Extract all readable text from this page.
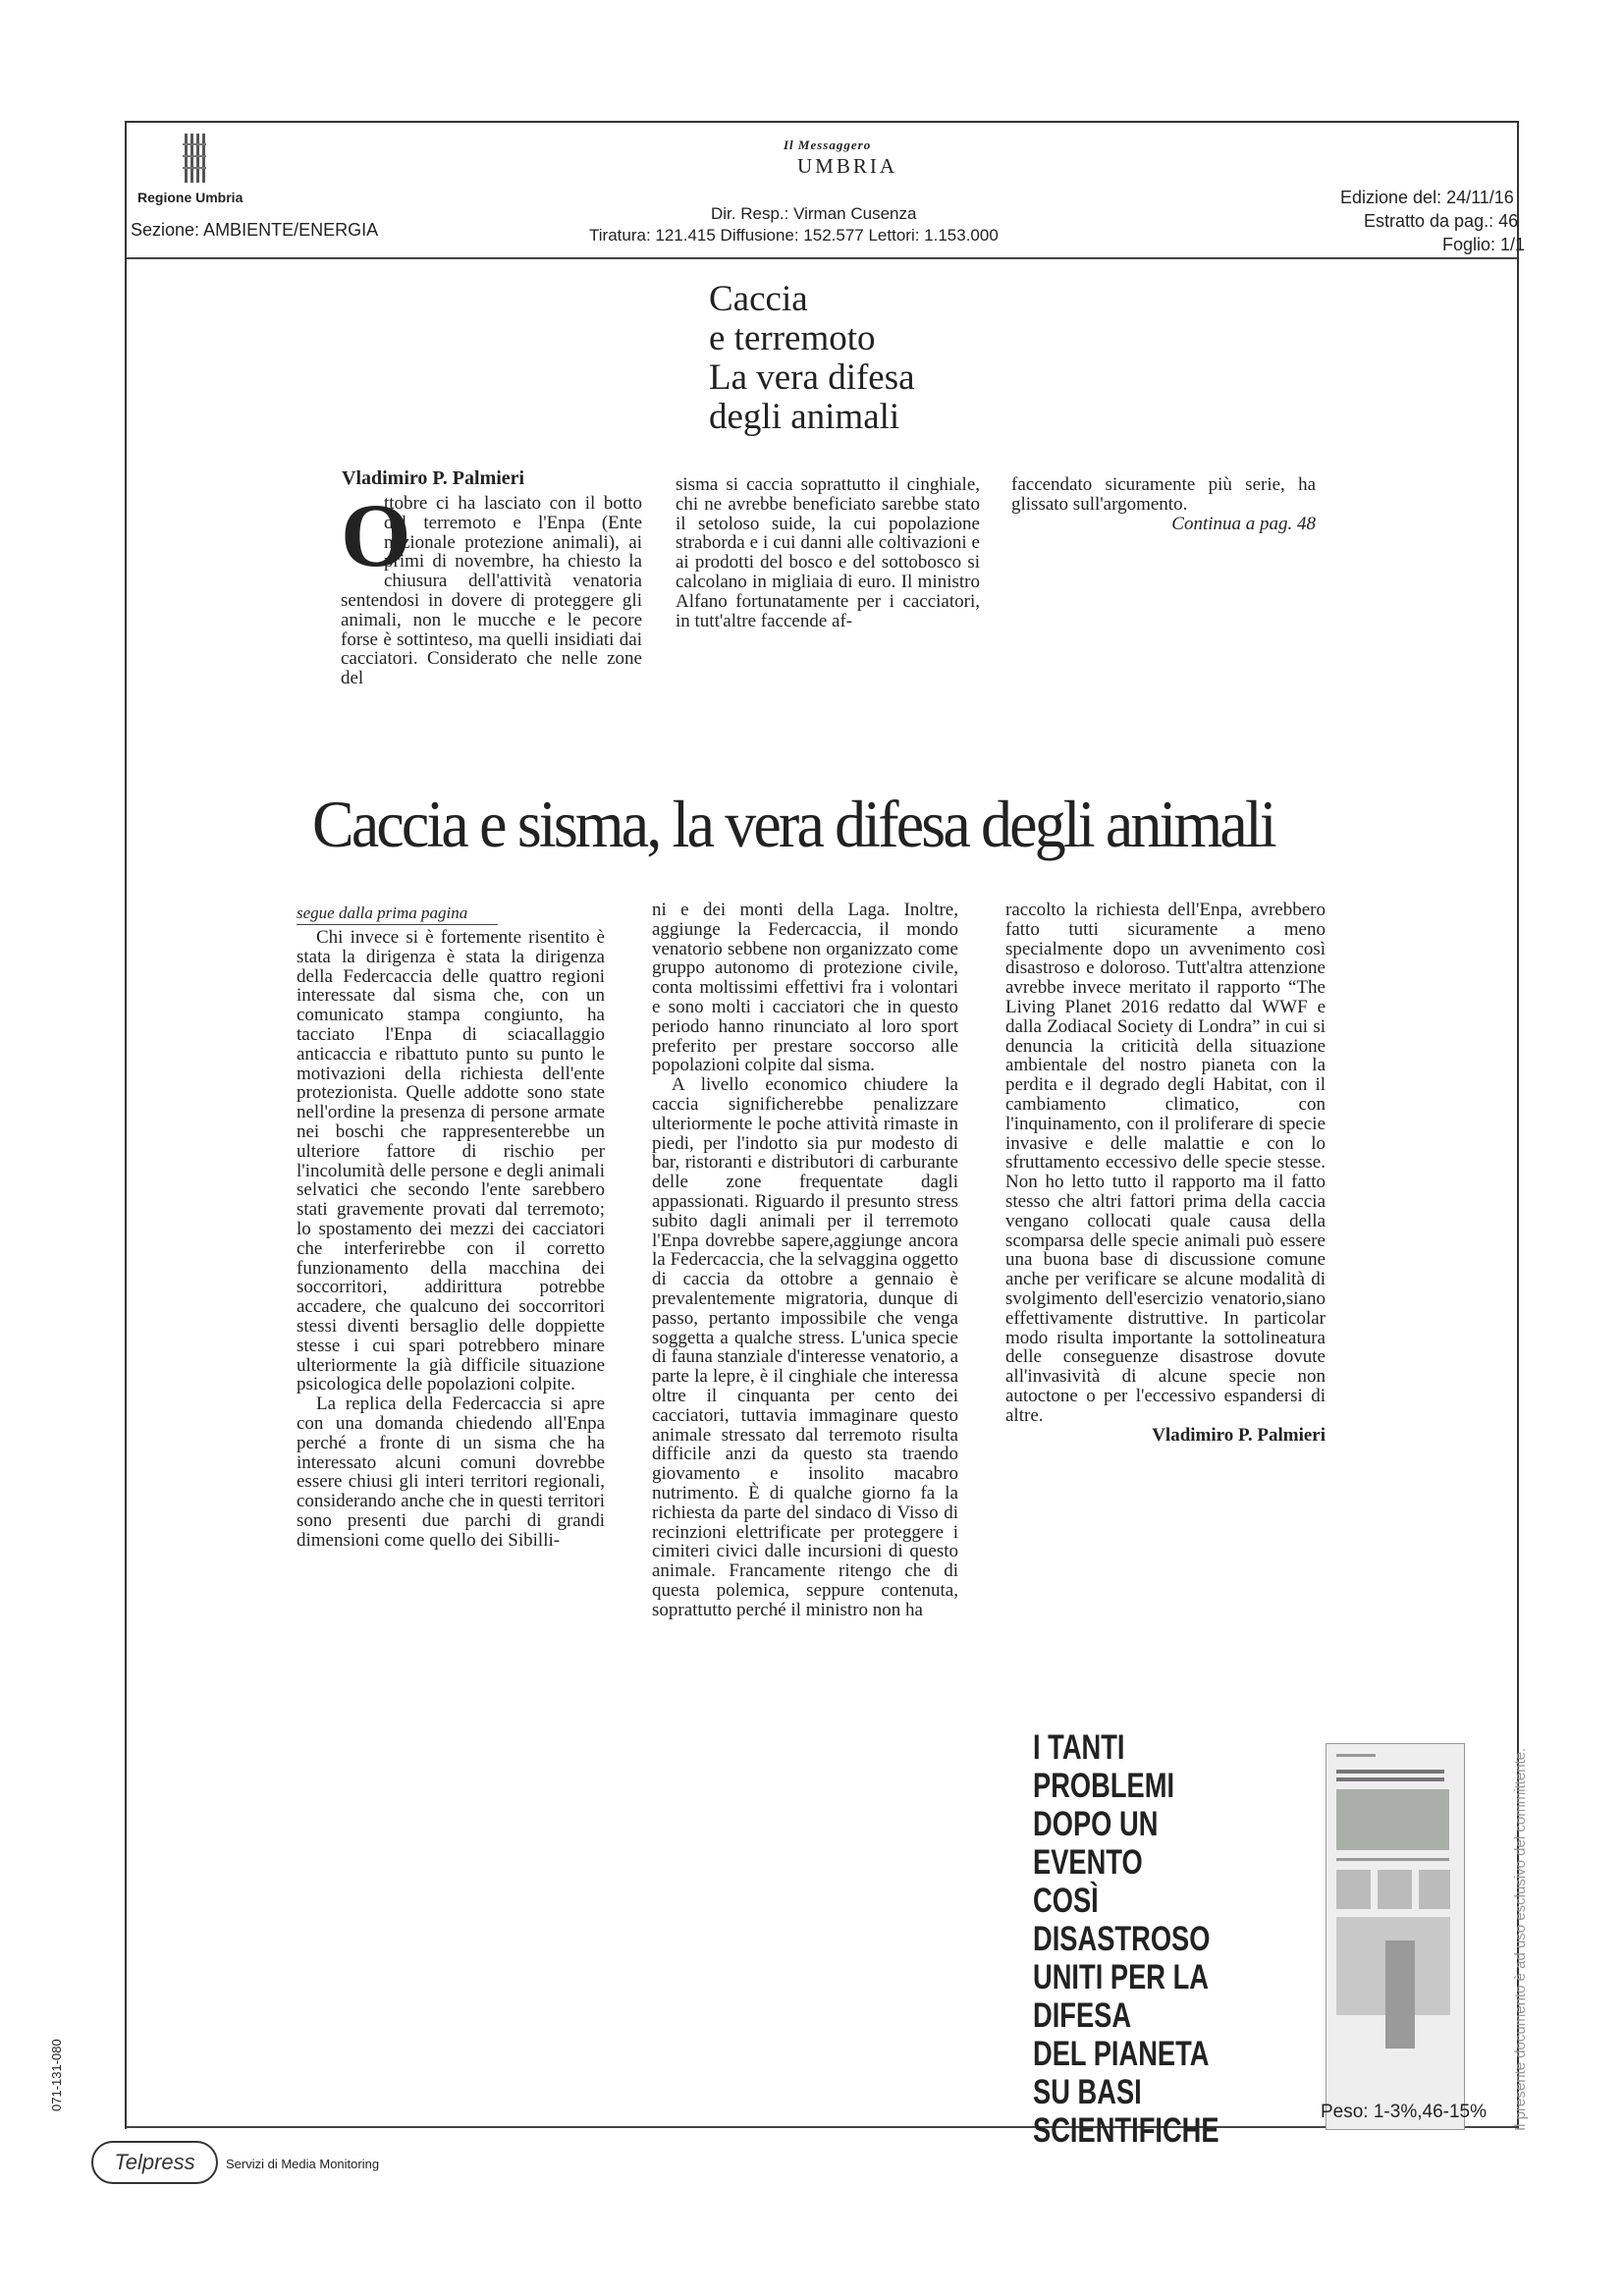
Regione Umbria
Sezione: AMBIENTE/ENERGIA
Il Messaggero
UMBRIA
Dir. Resp.: Virman Cusenza
Tiratura: 121.415 Diffusione: 152.577 Lettori: 1.153.000
Edizione del: 24/11/16
Estratto da pag.: 46
Foglio: 1/1
Caccia
e terremoto
La vera difesa
degli animali
Vladimiro P. Palmieri
O

ttobre ci ha lasciato con il botto del terremoto e l'Enpa (Ente nazionale protezione animali), ai primi di novembre, ha chiesto la chiusura dell'attività venatoria sentendosi in dovere di proteggere gli animali, non le mucche e le pecore forse è sottinteso, ma quelli insidiati dai cacciatori. Considerato che nelle zone del

sisma si caccia soprattutto il cinghiale, chi ne avrebbe beneficiato sarebbe stato il setoloso suide, la cui popolazione straborda e i cui danni alle coltivazioni e ai prodotti del bosco e del sottobosco si calcolano in migliaia di euro. Il ministro Alfano fortunatamente per i cacciatori, in tutt'altre faccende af-

faccendato sicuramente più serie, ha glissato sull'argomento.

Continua a pag. 48

Caccia e sisma, la vera difesa degli animali
segue dalla prima pagina

Chi invece si è fortemente risentito è stata la dirigenza è stata la dirigenza della Federcaccia delle quattro regioni interessate dal sisma che, con un comunicato stampa congiunto, ha tacciato l'Enpa di sciacallaggio anticaccia e ribattuto punto su punto le motivazioni della richiesta dell'ente protezionista. Quelle addotte sono state nell'ordine la presenza di persone armate nei boschi che rappresenterebbe un ulteriore fattore di rischio per l'incolumità delle persone e degli animali selvatici che secondo l'ente sarebbero stati gravemente provati dal terremoto; lo spostamento dei mezzi dei cacciatori che interferirebbe con il corretto funzionamento della macchina dei soccorritori, addirittura potrebbe accadere, che qualcuno dei soccorritori stessi diventi bersaglio delle doppiette stesse i cui spari potrebbero minare ulteriormente la già difficile situazione psicologica delle popolazioni colpite.

La replica della Federcaccia si apre con una domanda chiedendo all'Enpa perché a fronte di un sisma che ha interessato alcuni comuni dovrebbe essere chiusi gli interi territori regionali, considerando anche che in questi territori sono presenti due parchi di grandi dimensioni come quello dei Sibilli-

ni e dei monti della Laga. Inoltre, aggiunge la Federcaccia, il mondo venatorio sebbene non organizzato come gruppo autonomo di protezione civile, conta moltissimi effettivi fra i volontari e sono molti i cacciatori che in questo periodo hanno rinunciato al loro sport preferito per prestare soccorso alle popolazioni colpite dal sisma.

A livello economico chiudere la caccia significherebbe penalizzare ulteriormente le poche attività rimaste in piedi, per l'indotto sia pur modesto di bar, ristoranti e distributori di carburante delle zone frequentate dagli appassionati. Riguardo il presunto stress subito dagli animali per il terremoto l'Enpa dovrebbe sapere,aggiunge ancora la Federcaccia, che la selvaggina oggetto di caccia da ottobre a gennaio è prevalentemente migratoria, dunque di passo, pertanto impossibile che venga soggetta a qualche stress. L'unica specie di fauna stanziale d'interesse venatorio, a parte la lepre, è il cinghiale che interessa oltre il cinquanta per cento dei cacciatori, tuttavia immaginare questo animale stressato dal terremoto risulta difficile anzi da questo sta traendo giovamento e insolito macabro nutrimento. È di qualche giorno fa la richiesta da parte del sindaco di Visso di recinzioni elettrificate per proteggere i cimiteri civici dalle incursioni di questo animale. Francamente ritengo che di questa polemica, seppure contenuta, soprattutto perché il ministro non ha

raccolto la richiesta dell'Enpa, avrebbero fatto tutti sicuramente a meno specialmente dopo un avvenimento così disastroso e doloroso. Tutt'altra attenzione avrebbe invece meritato il rapporto “The Living Planet 2016 redatto dal WWF e dalla Zodiacal Society di Londra” in cui si denuncia la criticità della situazione ambientale del nostro pianeta con la perdita e il degrado degli Habitat, con il cambiamento climatico, con l'inquinamento, con il proliferare di specie invasive e delle malattie e con lo sfruttamento eccessivo delle specie stesse. Non ho letto tutto il rapporto ma il fatto stesso che altri fattori prima della caccia vengano collocati quale causa della scomparsa delle specie animali può essere una buona base di discussione comune anche per verificare se alcune modalità di svolgimento dell'esercizio venatorio,siano effettivamente distruttive. In particolar modo risulta importante la sottolineatura delle conseguenze disastrose dovute all'invasività di alcune specie non autoctone o per l'eccessivo espandersi di altre.

Vladimiro P. Palmieri

I TANTI PROBLEMI
DOPO UN EVENTO
COSÌ DISASTROSO
UNITI PER LA DIFESA
DEL PIANETA
SU BASI SCIENTIFICHE	Peso: 1-3%,46-15%
071-131-080	Il presente documento è ad uso esclusivo del committente.
Telpress	Servizi di Media Monitoring
